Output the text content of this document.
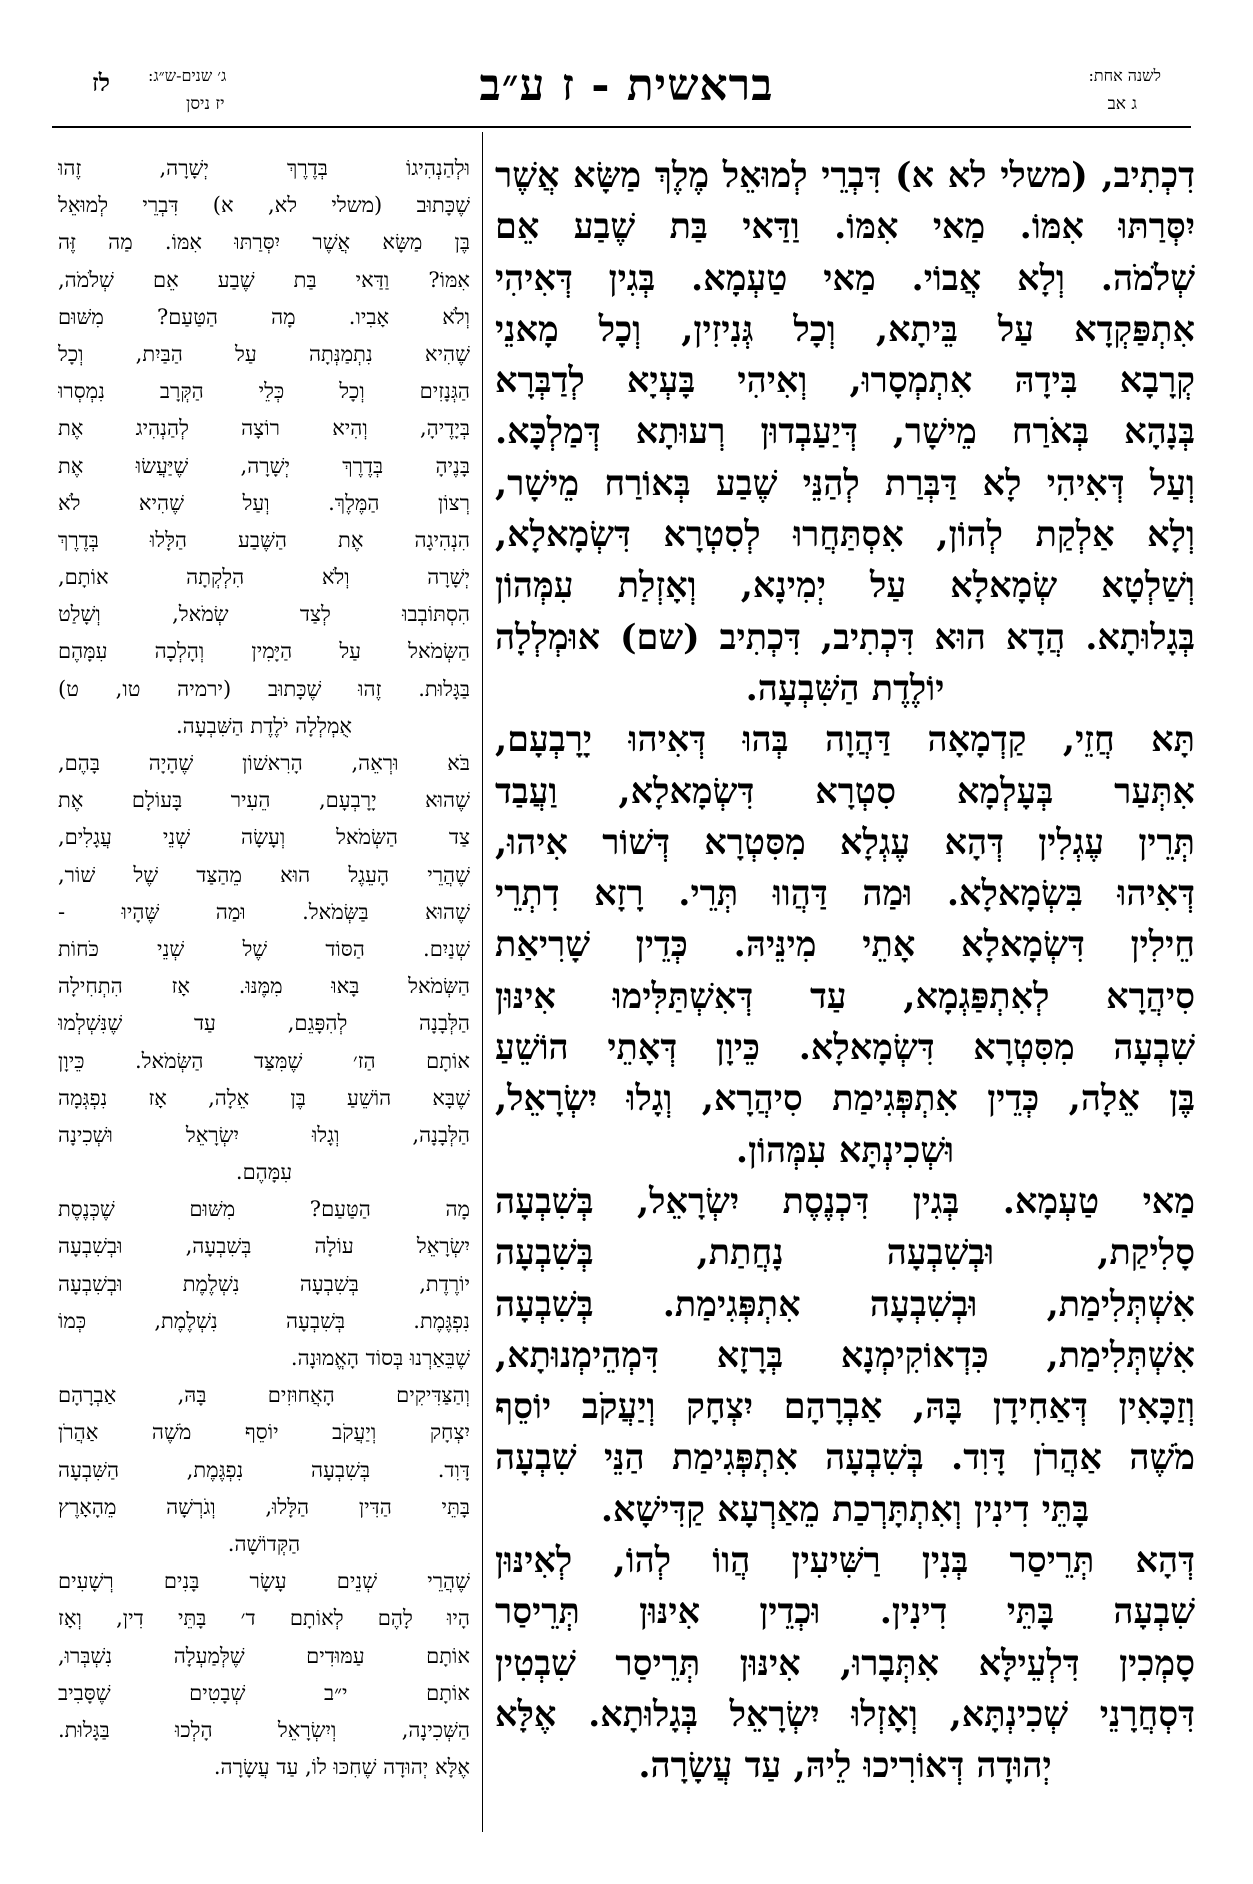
לשנה אחת:
ג אב
בראשית - ז ע״ב
ג׳ שנים-ש״ג:
יז ניסן
לז
דִכְתִיב, (משלי לא א) דִּבְרֵי לְמוּאֵל מֶלֶךְ מַשָּׂא אֲשֶׁר
יִסְּרַתּוּ אִמּוֹ. מַאי אִמּוֹ. וַדַּאי בַּת שֶׁבַע אֵם
שְׁלֹמֹה. וְלָא אֲבוֹי. מַאי טַעְמָא. בְּגִין דְּאִיהִי
אִתְפַּקְדָא עַל בֵּיתָא, וְכָל גְּנִיזִין, וְכָל מָאנֵי
קְרָבָא בִּידָהּ אִתְמְסָרוּ, וְאִיהִי בָּעְיָא לְדַבְּרָא
בְּנָהָא בְּאֹרַח מֵישָׁר, דְּיַעַבְדוּן רְעוּתָא דְּמַלְכָּא.
וְעַל דְּאִיהִי לָא דַּבְּרַת לְהַנֵּי שֶׁבַע בְּאוֹרַח מֵישָׁר,
וְלָא אַלְקַת לְהוֹן, אִסְתַּחֲרוּ לְסִטְרָא דִּשְׂמָאלָא,
וְשַׁלְטָא שְׂמָאלָא עַל יְמִינָא, וְאָזְלַת עִמְּהוֹן
בְּגָלוּתָא. הֲדָא הוּא דִּכְתִיב, דִּכְתִיב (שם) אוּמְלְלָה
יוֹלֶדֶת הַשִּׁבְעָה.
תָּא חֲזֵי, קַדְמָאָה דַּהֲוָה בְּהוּ דְּאִיהוּ יָרָבְעָם,
אִתְּעַר בְּעָלְמָא סִטְרָא דִּשְׂמָאלָא, וַעֲבַד
תְּרֵין עֶגְלִין דְּהָא עֶגְלָא מִסִּטְרָא דְּשׁוֹר אִיהוּ,
דְּאִיהוּ בִּשְׂמָאלָא. וּמַה דַּהֲווּ תְּרֵי. רָזָא דִתְרֵי
חֵילִין דִּשְׂמָאלָא אָתֵי מִינֵּיהּ. כְּדֵין שָׁרִיאַת
סִיהֲרָא לְאִתְפַּגְמָא, עַד דְּאִשְׁתַּלִּימוּ אִינּוּן
שִׁבְעָה מִסִּטְרָא דִּשְׂמָאלָא. כֵּיוָן דְּאָתֵי הוֹשֵׁעַ
בֶּן אֵלָה, כְּדֵין אִתְפְּגִימַת סִיהֲרָא, וְגָלוּ יִשְׂרָאֵל,
וּשְׁכִינְתָּא עִמְּהוֹן.
מַאי טַעְמָא. בְּגִין דִּכְנֶסֶת יִשְׂרָאֵל, בְּשִׁבְעָה
סָלִיקַת, וּבְשִׁבְעָה נָחֲתַת, בְּשִׁבְעָה
אִשְׁתְּלִימַת, וּבְשִׁבְעָה אִתְפְּגִימַת. בְּשִׁבְעָה
אִשְׁתְּלִימַת, כִּדְאוֹקִימְנָא בְּרָזָא דִּמְהֵימְנוּתָא,
וְזַכָּאִין דְּאַחִידָן בָּהּ, אַבְרָהָם יִצְחָק וְיַעֲקֹב יוֹסֵף
מֹשֶׁה אַהֲרֹן דָּוִד. בְּשִׁבְעָה אִתְפְּגִימַת הַנֵּי שִׁבְעָה
בָּתֵּי דִינִין וְאִתְתָּרְכַת מֵאַרְעָא קַדִּישָׁא.
דְּהָא תְּרֵיסַר בְּנִין רַשִּׁיעִין הֲווֹ לְהוֹ, לְאִינּוּן
שִׁבְעָה בָּתֵּי דִינִין. וּכְדֵין אִינּוּן תְּרֵיסַר
סָמְכִין דִּלְעֵילָּא אִתְּבָרוּ, אִינּוּן תְּרֵיסַר שִׁבְטִין
דִּסְחֲרָנֵי שְׁכִינְתָּא, וְאָזְלוּ יִשְׂרָאֵל בְּגָלוּתָא. אֶלָּא
יְהוּדָה דְּאוֹרִיכוּ לֵיהּ, עַד עֲשָׂרָה.
וּלְהַנְהִיגוֹ בְּדֶרֶךְ יְשָׁרָה, זֶהוּ
שֶׁכָּתוּב (משלי לא, א) דִּבְרֵי לְמוּאֵל
בֶּן מַשָּׂא אֲשֶׁר יִסְּרַתּוּ אִמּוֹ. מַה זֶּה
אִמּוֹ? וַדַּאי בַּת שֶׁבַע אֵם שְׁלֹמֹה,
וְלֹא אָבִיו. מָה הַטַּעַם? מִשּׁוּם
שֶׁהִיא נִתְמַנְּתָה עַל הַבַּיִת, וְכָל
הַגְּנָזִים וְכָל כְּלֵי הַקְּרָב נִמְסְרוּ
בְּיָדֶיהָ, וְהִיא רוֹצָה לְהַנְהִיג אֶת
בָּנֶיהָ בְּדֶרֶךְ יְשָׁרָה, שֶׁיַּעֲשׂוּ אֶת
רְצוֹן הַמֶּלֶךְ. וְעַל שֶׁהִיא לֹא
הִנְהִיגָה אֶת הַשֶּׁבַע הַלָּלוּ בְּדֶרֶךְ
יְשָׁרָה וְלֹא הִלְקְתָה אוֹתָם,
הִסְתּוֹבְבוּ לְצַד שְׂמֹאל, וְשָׁלַט
הַשְּׂמֹאל עַל הַיָּמִין וְהָלְכָה עִמָּהֶם
בַּגָּלוּת. זֶהוּ שֶׁכָּתוּב (ירמיה טו, ט)
אֻמְלְלָה יֹלֶדֶת הַשִּׁבְעָה.
בֹּא וּרְאֵה, הָרִאשׁוֹן שֶׁהָיָה בָּהֶם,
שֶׁהוּא יָרָבְעָם, הֵעִיר בָּעוֹלָם אֶת
צַד הַשְּׂמֹאל וְעָשָׂה שְׁנֵי עֲגָלִים,
שֶׁהֲרֵי הָעֵגֶל הוּא מֵהַצַּד שֶׁל שׁוֹר,
שֶׁהוּא בַּשְּׂמֹאל. וּמַה שֶּׁהָיוּ -
שְׁנַיִם. הַסּוֹד שֶׁל שְׁנֵי כֹּחוֹת
הַשְּׂמֹאל בָּאוּ מִמֶּנּוּ. אָז הִתְחִילָה
הַלְּבָנָה לְהִפָּגֵם, עַד שֶׁנִּשְׁלְמוּ
אוֹתָם הַז׳ שֶׁמִּצַּד הַשְּׂמֹאל. כֵּיוָן
שֶׁבָּא הוֹשֵׁעַ בֶּן אֵלָה, אָז נִפְגְּמָה
הַלְּבָנָה, וְגָלוּ יִשְׂרָאֵל וּשְׁכִינָה
עִמָּהֶם.
מָה הַטַּעַם? מִשּׁוּם שֶׁכְּנֶסֶת
יִשְׂרָאֵל עוֹלָה בְּשִׁבְעָה, וּבְשִׁבְעָה
יוֹרֶדֶת, בְּשִׁבְעָה נִשְׁלֶמֶת וּבְשִׁבְעָה
נִפְגֶּמֶת. בְּשִׁבְעָה נִשְׁלֶמֶת, כְּמוֹ
שֶׁבֵּאַרְנוּ בְּסוֹד הָאֱמוּנָה.
וְהַצַּדִּיקִים הָאֲחוּזִים בָּהּ, אַבְרָהָם
יִצְחָק וְיַעֲקֹב יוֹסֵף מֹשֶׁה אַהֲרֹן
דָּוִד. בְּשִׁבְעָה נִפְגֶּמֶת, הַשִּׁבְעָה
בָּתֵּי הַדִּין הַלָּלוּ, וְגֹרְשָׁה מֵהָאָרֶץ
הַקְּדוֹשָׁה.
שֶׁהֲרֵי שְׁנֵים עָשָׂר בָּנִים רְשָׁעִים
הָיוּ לָהֶם לְאוֹתָם ד׳ בָּתֵּי דִין, וְאָז
אוֹתָם עַמּוּדִים שֶׁלְּמַעְלָה נִשְׁבְּרוּ,
אוֹתָם י״ב שְׁבָטִים שֶׁסָּבִיב
הַשְּׁכִינָה, וְיִשְׂרָאֵל הָלְכוּ בַּגָּלוּת.
אֶלָּא יְהוּדָה שֶׁחִכּוּ לוֹ, עַד עֲשָׂרָה.
